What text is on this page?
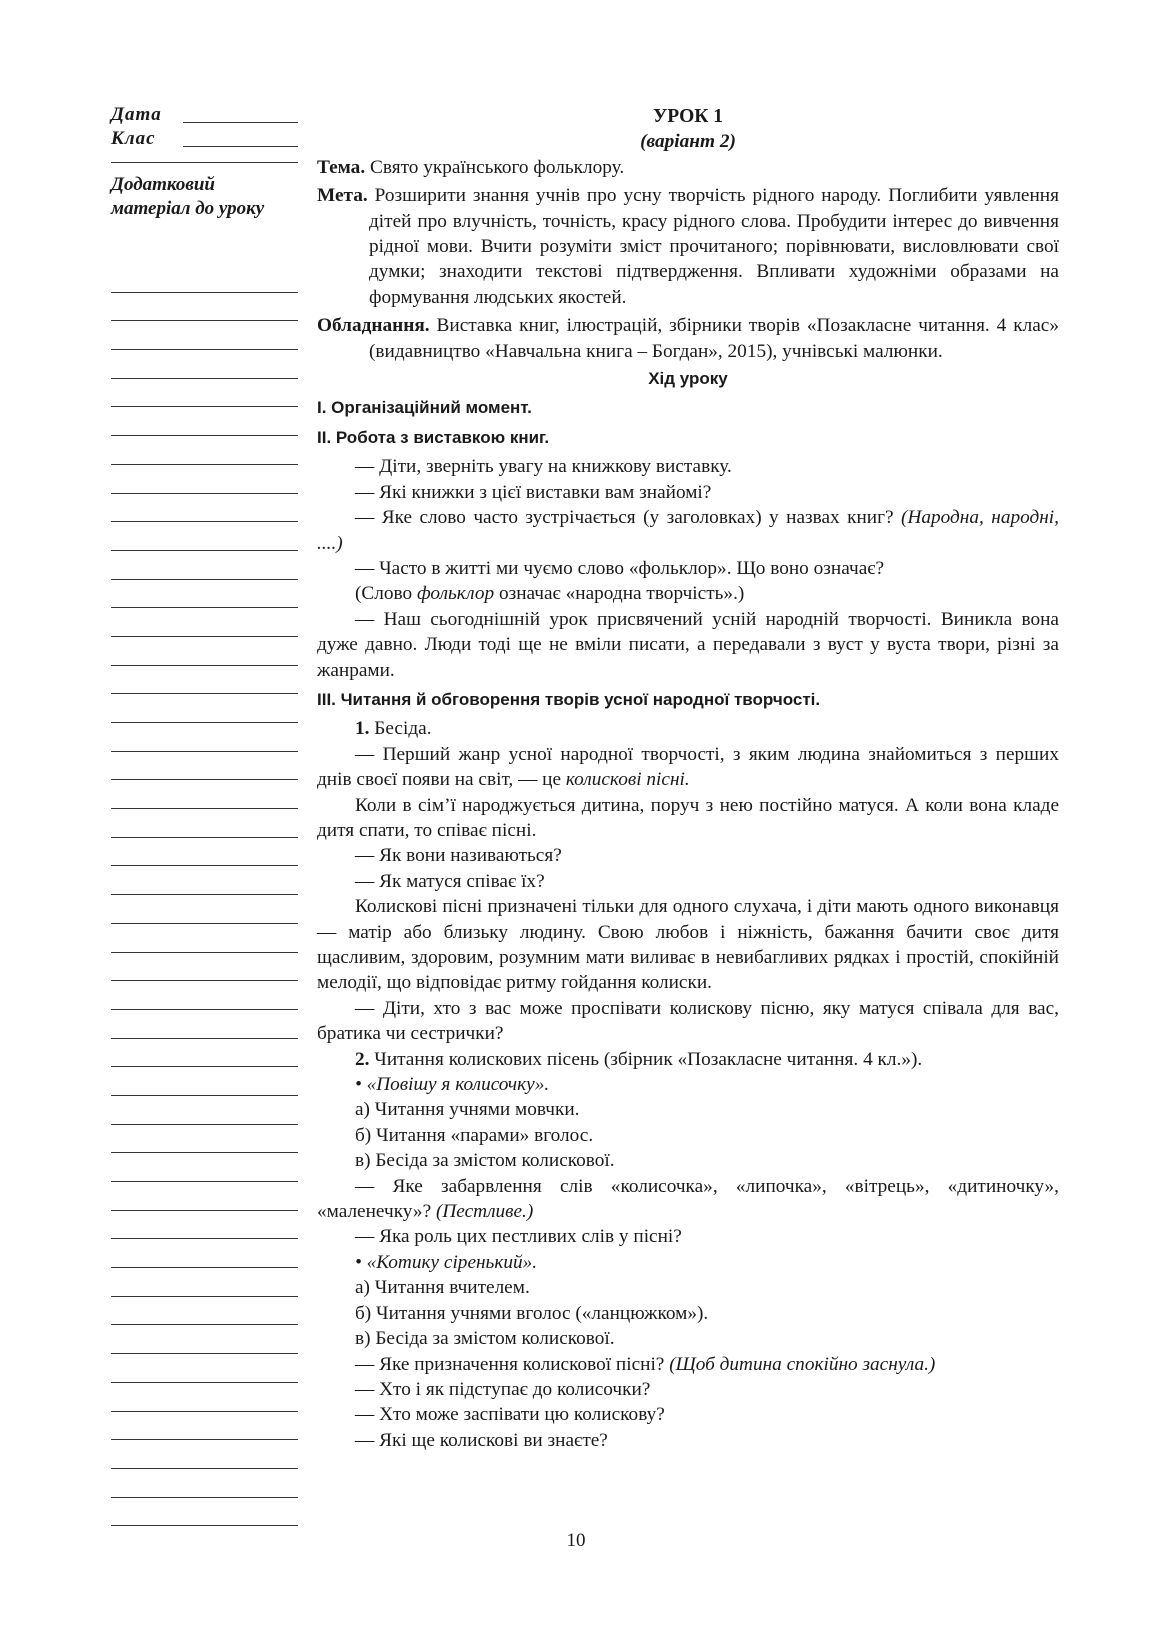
Дата
Клас
Додатковий матеріал до уроку
УРОК 1
(варіант 2)

Тема. Свято українського фольклору.

Мета. Розширити знання учнів про усну творчість рідного народу. Поглибити уявлення дітей про влучність, точність, красу рідного слова. Пробудити інтерес до вивчення рідної мови. Вчити розуміти зміст прочитаного; порівнювати, висловлювати свої думки; знаходити текстові підтвердження. Впливати художніми образами на формування людських якостей.

Обладнання. Виставка книг, ілюстрацій, збірники творів «Позакласне читання. 4 клас» (видавництво «Навчальна книга – Богдан», 2015), учнівські малюнки.

Хід уроку
I. Організаційний момент.
II. Робота з виставкою книг.

— Діти, зверніть увагу на книжкову виставку.

— Які книжки з цієї виставки вам знайомі?

— Яке слово часто зустрічається (у заголовках) у назвах книг? (Народна, народні, ....)

— Часто в житті ми чуємо слово «фольклор». Що воно означає?

(Слово фольклор означає «народна творчість».)

— Наш сьогоднішній урок присвячений усній народній творчості. Виникла вона дуже давно. Люди тоді ще не вміли писати, а передавали з вуст у вуста твори, різні за жанрами.

III. Читання й обговорення творів усної народної творчості.

1. Бесіда.

— Перший жанр усної народної творчості, з яким людина знайомиться з перших днів своєї появи на світ, — це колискові пісні.

Коли в сім’ї народжується дитина, поруч з нею постійно матуся. А коли вона кладе дитя спати, то співає пісні.

— Як вони називаються?

— Як матуся співає їх?

Колискові пісні призначені тільки для одного слухача, і діти мають одного виконавця — матір або близьку людину. Свою любов і ніжність, бажання бачити своє дитя щасливим, здоровим, розумним мати виливає в невибагливих рядках і простій, спокійній мелодії, що відповідає ритму гойдання колиски.

— Діти, хто з вас може проспівати колискову пісню, яку матуся співала для вас, братика чи сестрички?

2. Читання колискових пісень (збірник «Позакласне читання. 4 кл.»).

• «Повішу я колисочку».

а) Читання учнями мовчки.

б) Читання «парами» вголос.

в) Бесіда за змістом колискової.

— Яке забарвлення слів «колисочка», «липочка», «вітрець», «дитиночку», «маленечку»? (Пестливе.)

— Яка роль цих пестливих слів у пісні?

• «Котику сіренький».

а) Читання вчителем.

б) Читання учнями вголос («ланцюжком»).

в) Бесіда за змістом колискової.

— Яке призначення колискової пісні? (Щоб дитина спокійно заснула.)

— Хто і як підступає до колисочки?

— Хто може заспівати цю колискову?

— Які ще колискові ви знаєте?

10
